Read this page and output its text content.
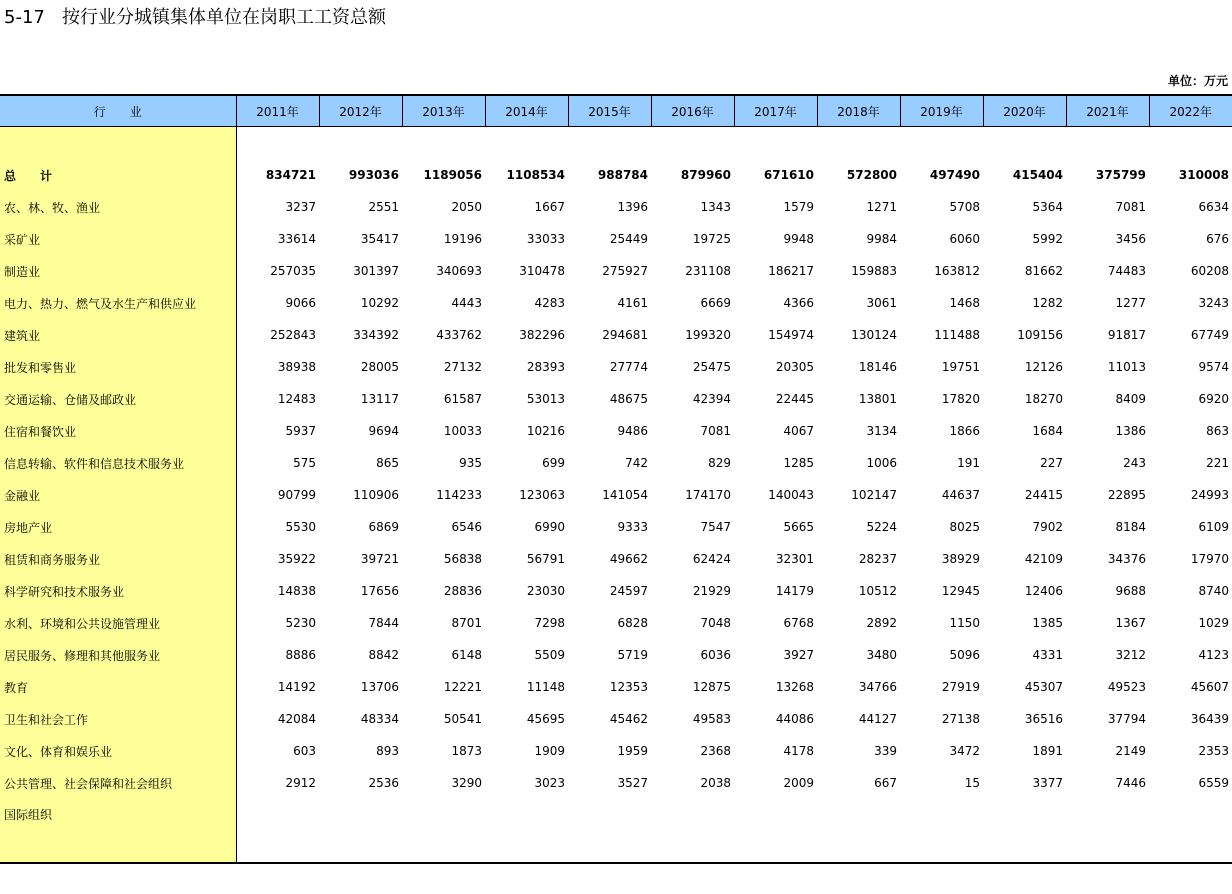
5-17   按行业分城镇集体单位在岗职工工资总额
单位：万元
行　　业	2011年	2012年	2013年	2014年	2015年	2016年	2017年	2018年	2019年	2020年	2021年	2022年

总　　计	834721	993036	1189056	1108534	988784	879960	671610	572800	497490	415404	375799	310008
农、林、牧、渔业	3237	2551	2050	1667	1396	1343	1579	1271	5708	5364	7081	6634
采矿业	33614	35417	19196	33033	25449	19725	9948	9984	6060	5992	3456	676
制造业	257035	301397	340693	310478	275927	231108	186217	159883	163812	81662	74483	60208
电力、热力、燃气及水生产和供应业	9066	10292	4443	4283	4161	6669	4366	3061	1468	1282	1277	3243
建筑业	252843	334392	433762	382296	294681	199320	154974	130124	111488	109156	91817	67749
批发和零售业	38938	28005	27132	28393	27774	25475	20305	18146	19751	12126	11013	9574
交通运输、仓储及邮政业	12483	13117	61587	53013	48675	42394	22445	13801	17820	18270	8409	6920
住宿和餐饮业	5937	9694	10033	10216	9486	7081	4067	3134	1866	1684	1386	863
信息转输、软件和信息技术服务业	575	865	935	699	742	829	1285	1006	191	227	243	221
金融业	90799	110906	114233	123063	141054	174170	140043	102147	44637	24415	22895	24993
房地产业	5530	6869	6546	6990	9333	7547	5665	5224	8025	7902	8184	6109
租赁和商务服务业	35922	39721	56838	56791	49662	62424	32301	28237	38929	42109	34376	17970
科学研究和技术服务业	14838	17656	28836	23030	24597	21929	14179	10512	12945	12406	9688	8740
水利、环境和公共设施管理业	5230	7844	8701	7298	6828	7048	6768	2892	1150	1385	1367	1029
居民服务、修理和其他服务业	8886	8842	6148	5509	5719	6036	3927	3480	5096	4331	3212	4123
教育	14192	13706	12221	11148	12353	12875	13268	34766	27919	45307	49523	45607
卫生和社会工作	42084	48334	50541	45695	45462	49583	44086	44127	27138	36516	37794	36439
文化、体育和娱乐业	603	893	1873	1909	1959	2368	4178	339	3472	1891	2149	2353
公共管理、社会保障和社会组织	2912	2536	3290	3023	3527	2038	2009	667	15	3377	7446	6559
国际组织												
